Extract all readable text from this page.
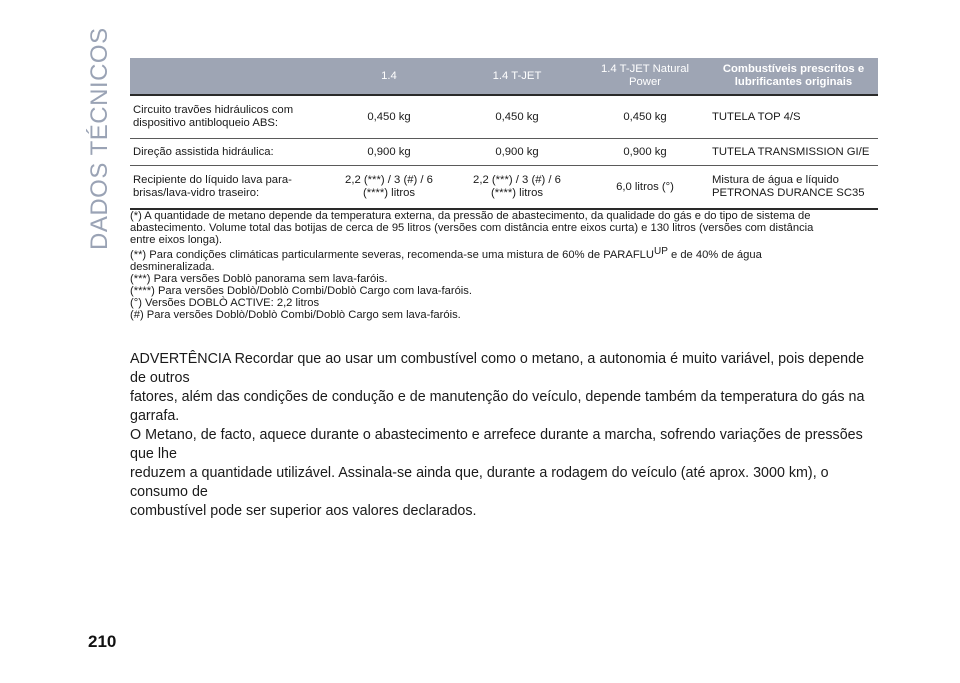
DADOS TÉCNICOS
		1.4	1.4 T-JET	1.4 T-JET Natural
Power	Combustíveis prescritos e
lubrificantes originais

Circuito travões hidráulicos com
dispositivo antibloqueio ABS:	0,450 kg	0,450 kg	0,450 kg	TUTELA TOP 4/S
Direção assistida hidráulica:	0,900 kg	0,900 kg	0,900 kg	TUTELA TRANSMISSION GI/E

Recipiente do líquido lava para-
brisas/lava-vidro traseiro:	2,2 (***) / 3 (#) / 6
(****) litros	2,2 (***) / 3 (#) / 6
(****) litros	6,0 litros (°)	Mistura de água e líquido
PETRONAS DURANCE SC35

(*) A quantidade de metano depende da temperatura externa, da pressão de abastecimento, da qualidade do gás e do tipo de sistema de
abastecimento. Volume total das botijas de cerca de 95 litros (versões com distância entre eixos curta) e 130 litros (versões com distância
entre eixos longa).

(**) Para condições climáticas particularmente severas, recomenda-se uma mistura de 60% de $PARAFLU^{UP}$ e de 40% de água
desmineralizada.

(***) Para versões Doblò panorama sem lava-faróis.

(****) Para versões Doblò/Doblò Combi/Doblò Cargo com lava-faróis.

(°) Versões DOBLÒ ACTIVE: 2,2 litros

(#) Para versões Doblò/Doblò Combi/Doblò Cargo sem lava-faróis.

ADVERTÊNCIA Recordar que ao usar um combustível como o metano, a autonomia é muito variável, pois depende de outros
fatores, além das condições de condução e de manutenção do veículo, depende também da temperatura do gás na garrafa.
O Metano, de facto, aquece durante o abastecimento e arrefece durante a marcha, sofrendo variações de pressões que lhe
reduzem a quantidade utilizável. Assinala-se ainda que, durante a rodagem do veículo (até aprox. 3000 km), o consumo de
combustível pode ser superior aos valores declarados.

210
